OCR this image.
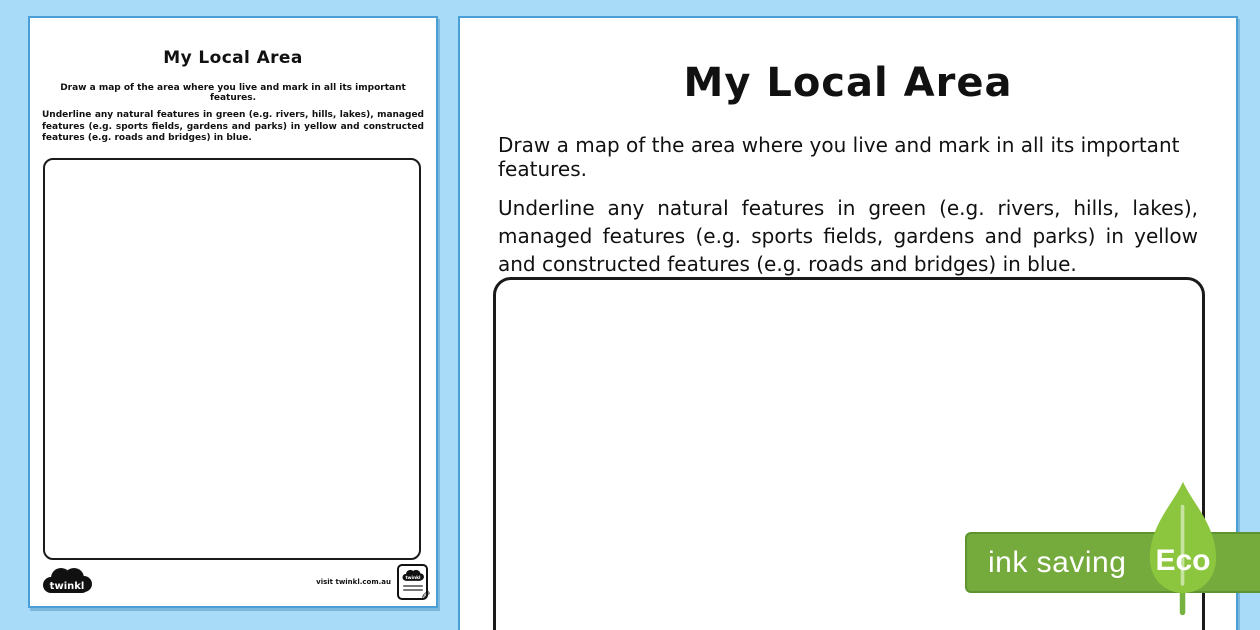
My Local Area

Draw a map of the area where you live and mark in all its important features.

Underline any natural features in green (e.g. rivers, hills, lakes), managed features (e.g. sports fields, gardens and parks) in yellow and constructed features (e.g. roads and bridges) in blue.

twinkl	visit twinkl.com.au twinkl
✎
My Local Area

Draw a map of the area where you live and mark in all its important features.

Underline any natural features in green (e.g. rivers, hills, lakes), managed features (e.g. sports fields, gardens and parks) in yellow and constructed features (e.g. roads and bridges) in blue.

ink saving Eco
